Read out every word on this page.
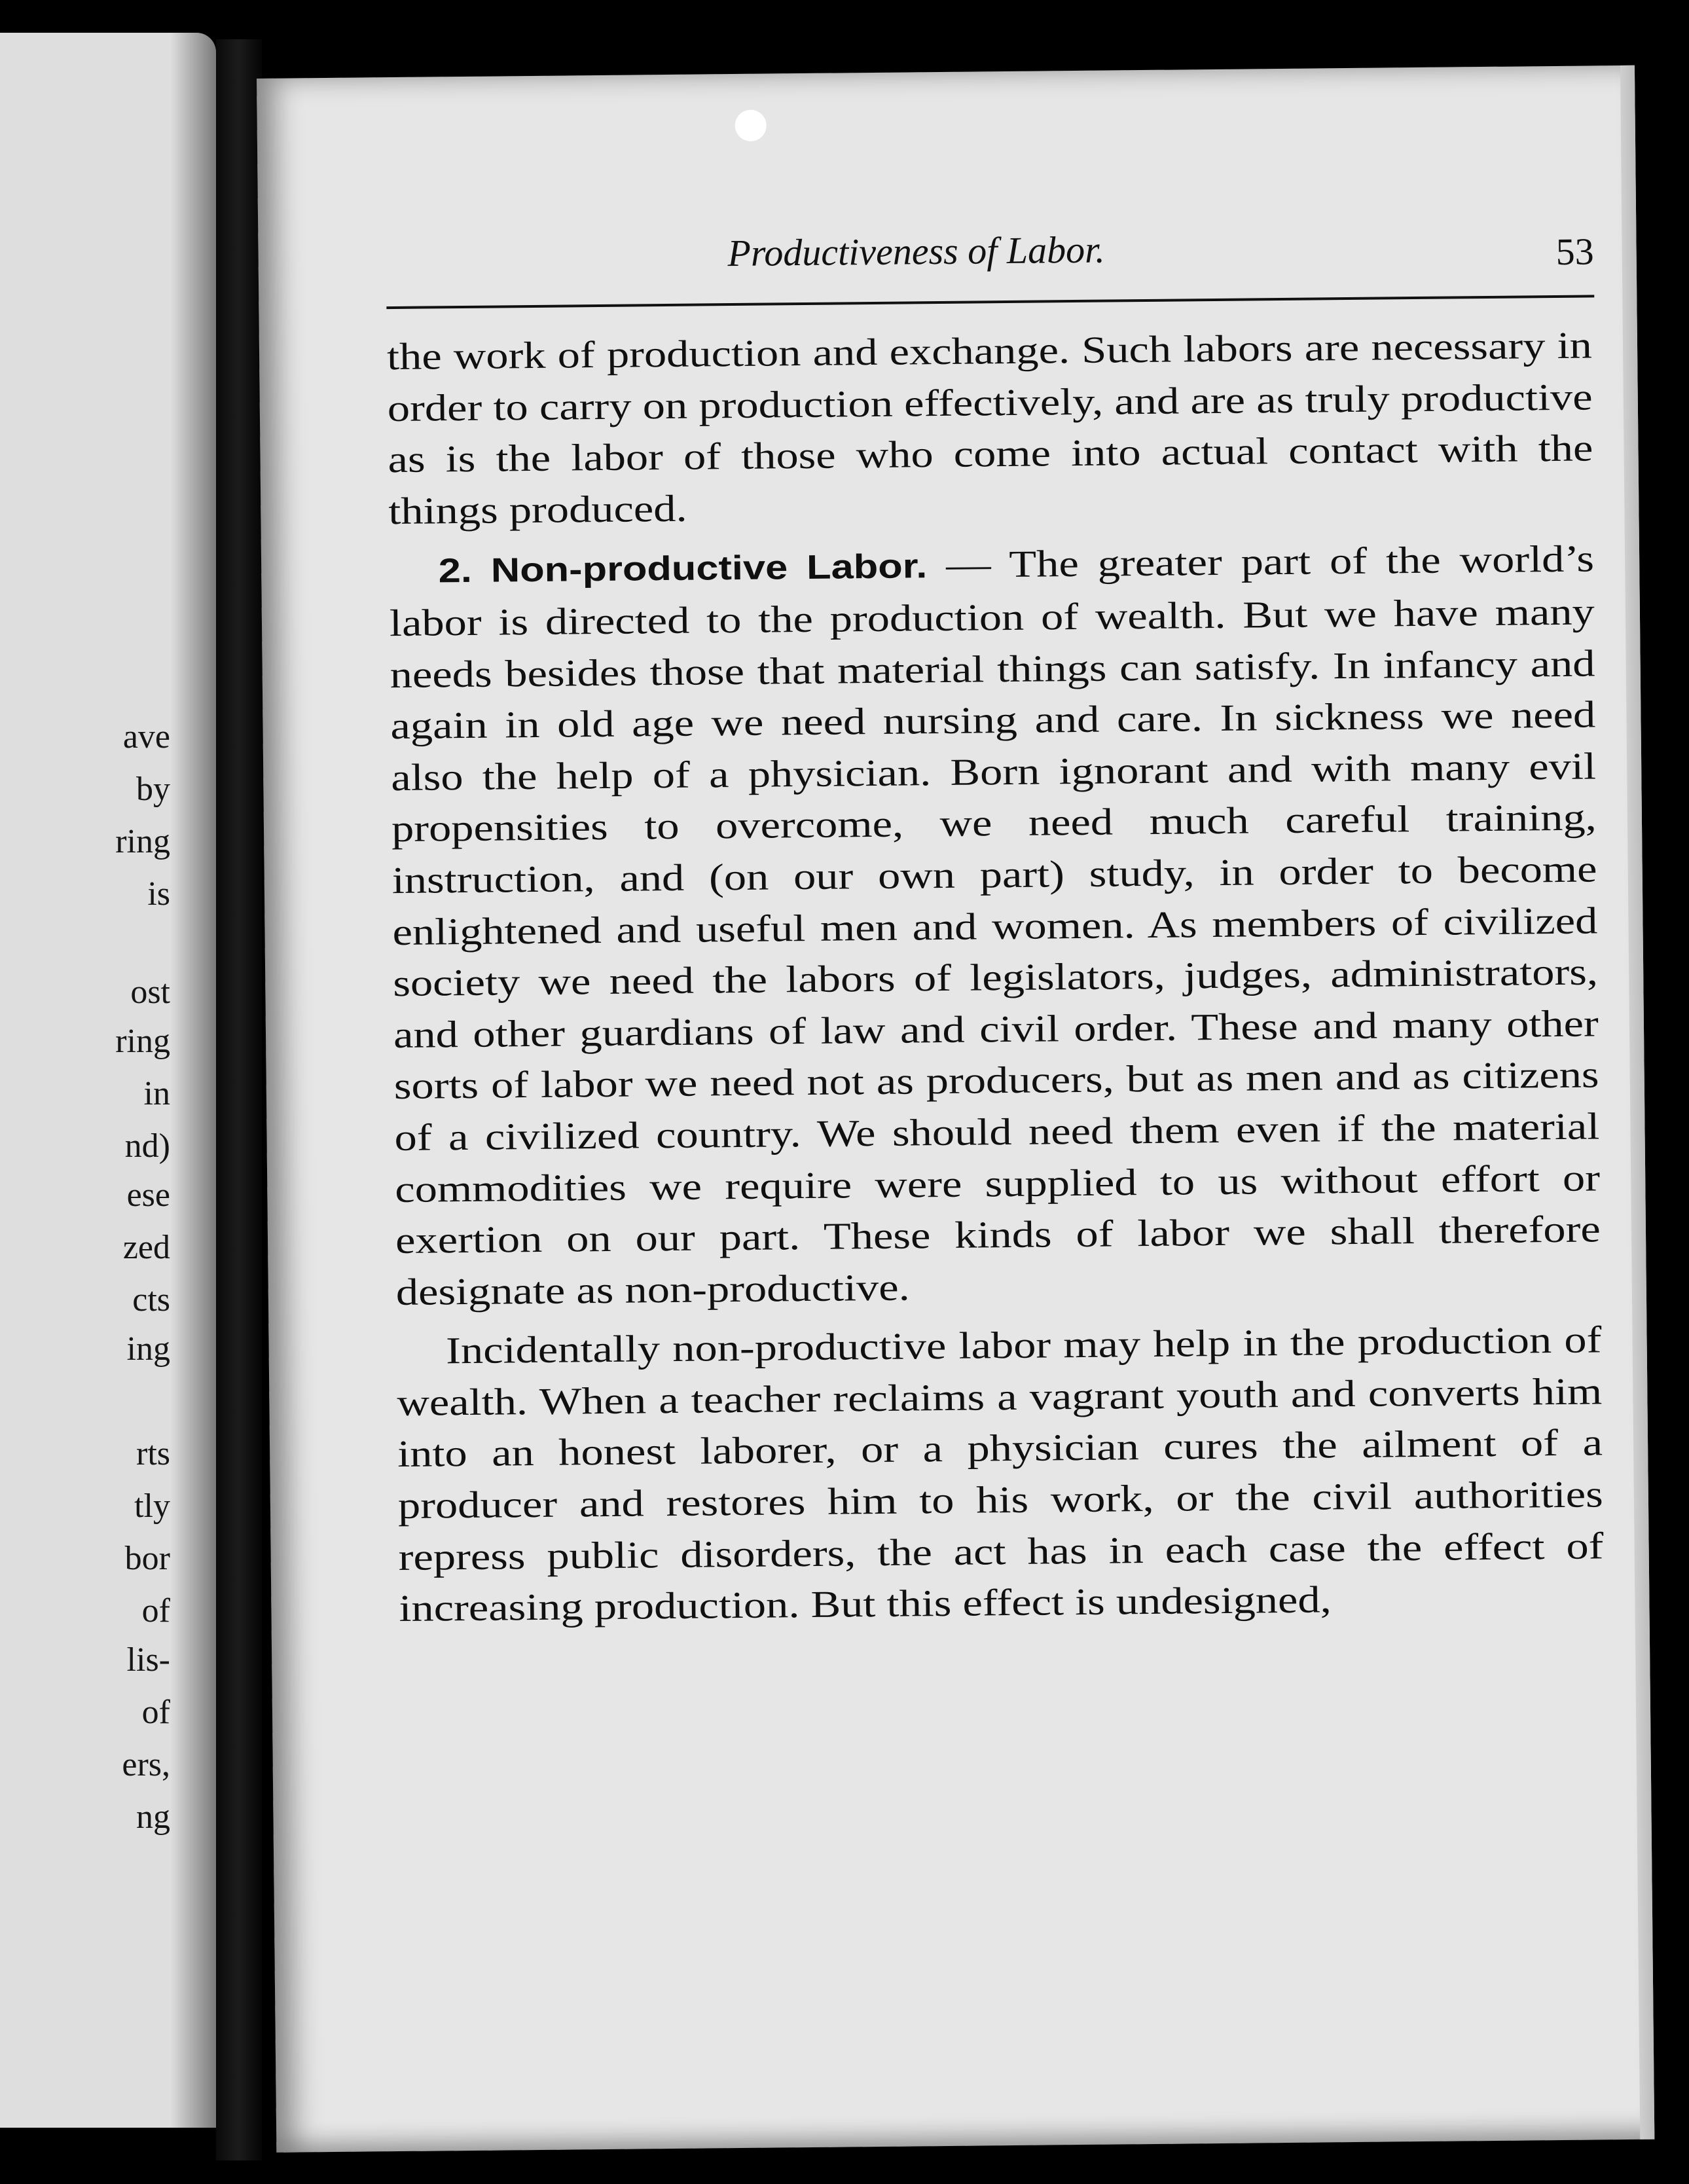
ave
by
ring
is
ost
ring
in
nd)
ese
zed
cts
ing
rts
tly
bor
of
lis-
of
ers,
ng
Productiveness of Labor.	53

the work of production and exchange. Such labors are necessary in order to carry on production effectively, and are as truly productive as is the labor of those who come into actual contact with the things produced.

2. Non-productive Labor. — The greater part of the world’s labor is directed to the production of wealth. But we have many needs besides those that material things can satisfy. In infancy and again in old age we need nursing and care. In sickness we need also the help of a physician. Born ignorant and with many evil propensities to overcome, we need much careful training, instruction, and (on our own part) study, in order to become enlightened and useful men and women. As members of civilized society we need the labors of legislators, judges, administrators, and other guardians of law and civil order. These and many other sorts of labor we need not as producers, but as men and as citizens of a civilized country. We should need them even if the material commodities we require were supplied to us without effort or exertion on our part. These kinds of labor we shall therefore designate as non-productive.

Incidentally non-productive labor may help in the production of wealth. When a teacher reclaims a vagrant youth and converts him into an honest laborer, or a physician cures the ailment of a producer and restores him to his work, or the civil authorities repress public disorders, the act has in each case the effect of increasing production. But this effect is undesigned,
